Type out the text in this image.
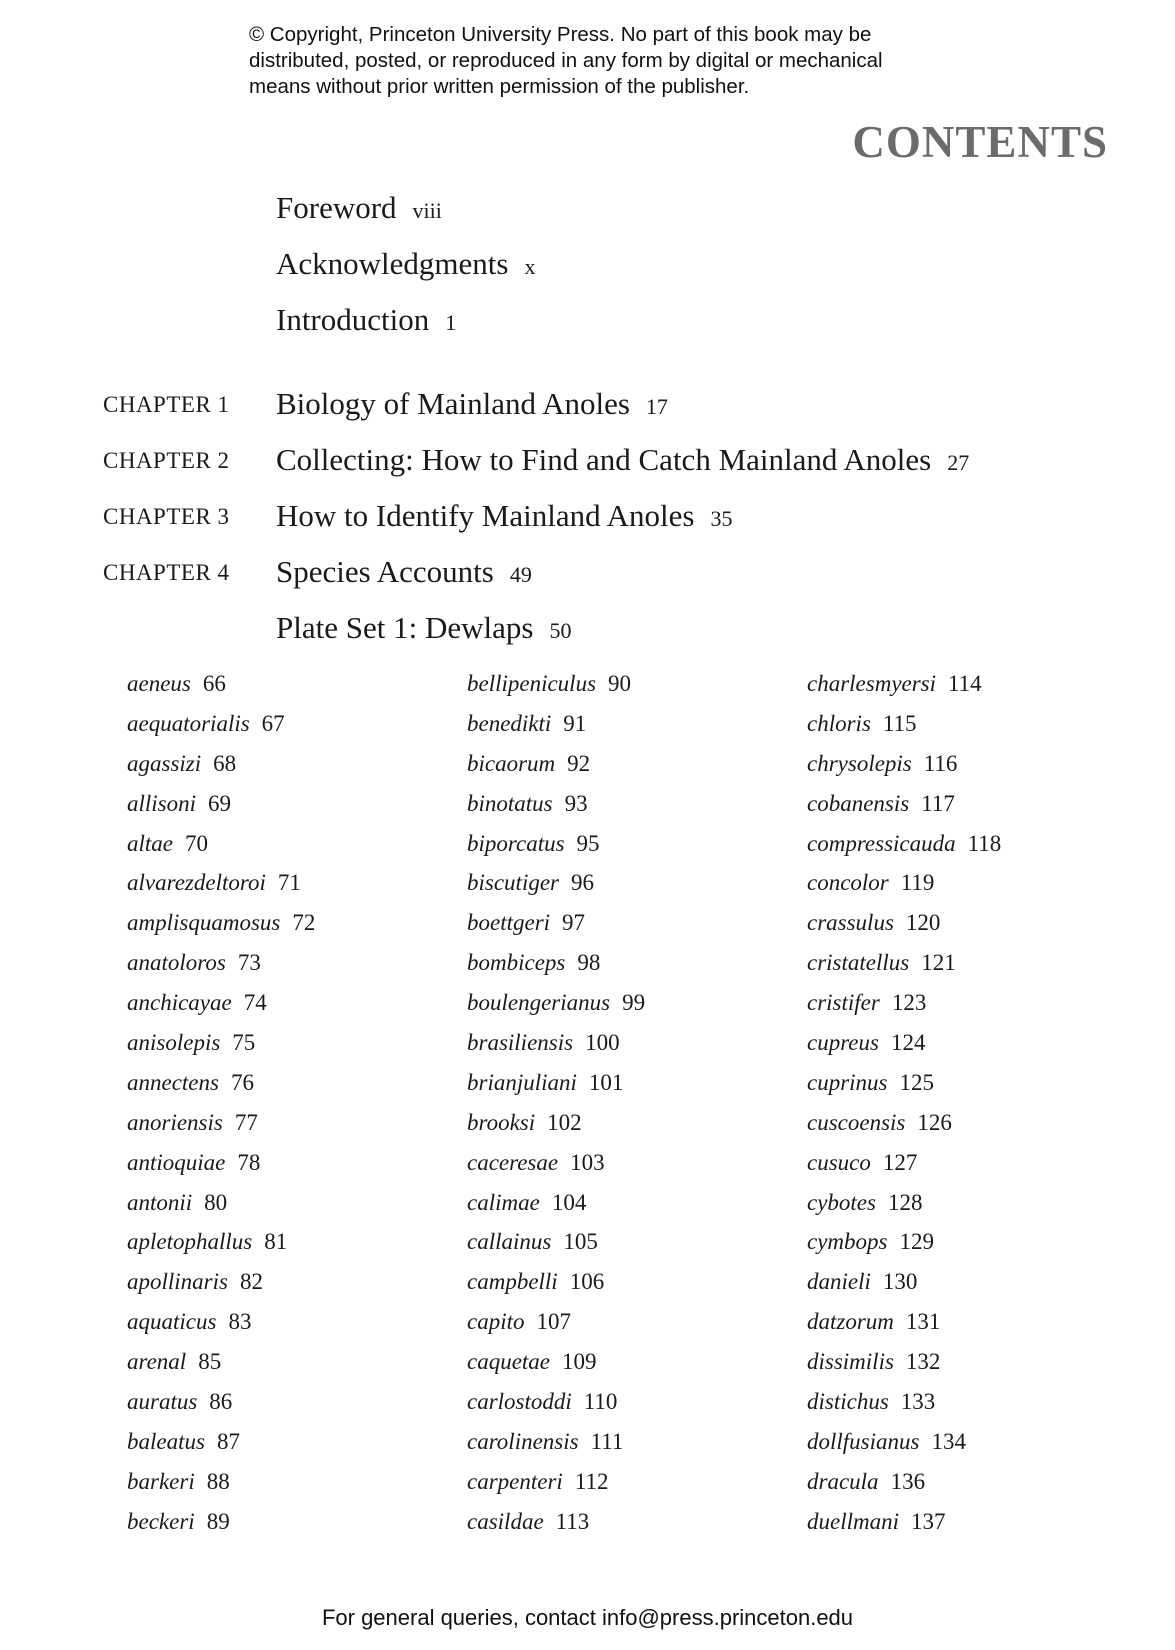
© Copyright, Princeton University Press. No part of this book may be
distributed, posted, or reproduced in any form by digital or mechanical
means without prior written permission of the publisher.
CONTENTS
Foreword viii
Acknowledgments x
Introduction 1
CHAPTER 1 Biology of Mainland Anoles 17
CHAPTER 2 Collecting: How to Find and Catch Mainland Anoles 27
CHAPTER 3 How to Identify Mainland Anoles 35
CHAPTER 4 Species Accounts 49
Plate Set 1: Dewlaps 50
aeneus 66
aequatorialis 67
agassizi 68
allisoni 69
altae 70
alvarezdeltoroi 71
amplisquamosus 72
anatoloros 73
anchicayae 74
anisolepis 75
annectens 76
anoriensis 77
antioquiae 78
antonii 80
apletophallus 81
apollinaris 82
aquaticus 83
arenal 85
auratus 86
baleatus 87
barkeri 88
beckeri 89
bellipeniculus 90
benedikti 91
bicaorum 92
binotatus 93
biporcatus 95
biscutiger 96
boettgeri 97
bombiceps 98
boulengerianus 99
brasiliensis 100
brianjuliani 101
brooksi 102
caceresae 103
calimae 104
callainus 105
campbelli 106
capito 107
caquetae 109
carlostoddi 110
carolinensis 111
carpenteri 112
casildae 113
charlesmyersi 114
chloris 115
chrysolepis 116
cobanensis 117
compressicauda 118
concolor 119
crassulus 120
cristatellus 121
cristifer 123
cupreus 124
cuprinus 125
cuscoensis 126
cusuco 127
cybotes 128
cymbops 129
danieli 130
datzorum 131
dissimilis 132
distichus 133
dollfusianus 134
dracula 136
duellmani 137
For general queries, contact info@press.princeton.edu
